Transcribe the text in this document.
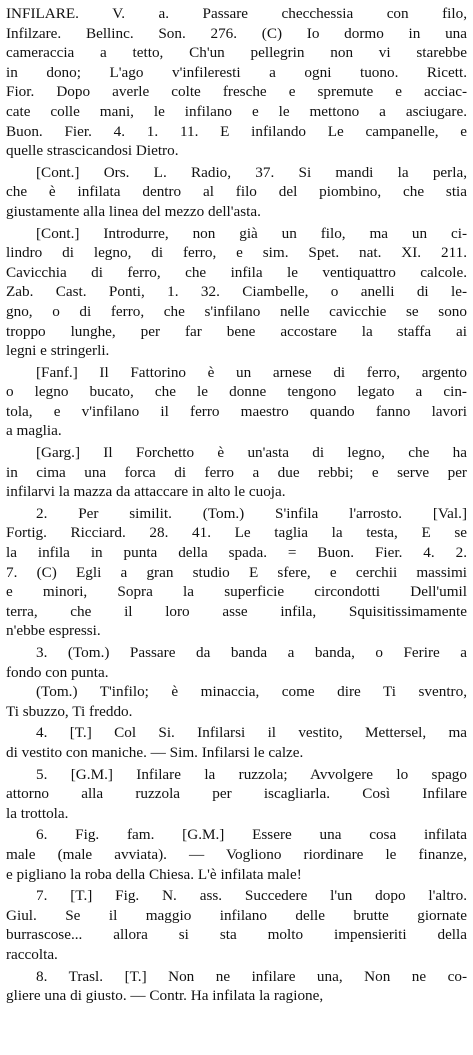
INFILARE. V. a. Passare checchessia con filo,
Infilzare. Bellinc. Son. 276. (C) Io dormo in una
cameraccia a tetto, Ch'un pellegrin non vi starebbe
in dono; L'ago v'infileresti a ogni tuono. Ricett.
Fior. Dopo averle colte fresche e spremute e acciac-
cate colle mani, le infilano e le mettono a asciugare.
Buon. Fier. 4. 1. 11. E infilando Le campanelle, e
quelle strascicandosi Dietro.
[Cont.] Ors. L. Radio, 37. Si mandi la perla,
che è infilata dentro al filo del piombino, che stia
giustamente alla linea del mezzo dell'asta.
[Cont.] Introdurre, non già un filo, ma un ci-
lindro di legno, di ferro, e sim. Spet. nat. XI. 211.
Cavicchia di ferro, che infila le ventiquattro calcole.
Zab. Cast. Ponti, 1. 32. Ciambelle, o anelli di le-
gno, o di ferro, che s'infilano nelle cavicchie se sono
troppo lunghe, per far bene accostare la staffa ai
legni e stringerli.
[Fanf.] Il Fattorino è un arnese di ferro, argento
o legno bucato, che le donne tengono legato a cin-
tola, e v'infilano il ferro maestro quando fanno lavori
a maglia.
[Garg.] Il Forchetto è un'asta di legno, che ha
in cima una forca di ferro a due rebbi; e serve per
infilarvi la mazza da attaccare in alto le cuoja.
2. Per similit. (Tom.) S'infila l'arrosto. [Val.]
Fortig. Ricciard. 28. 41. Le taglia la testa, E se
la infila in punta della spada. = Buon. Fier. 4. 2.
7. (C) Egli a gran studio E sfere, e cerchii massimi
e minori, Sopra la superficie circondotti Dell'umil
terra, che il loro asse infila, Squisitissimamente
n'ebbe espressi.
3. (Tom.) Passare da banda a banda, o Ferire a
fondo con punta.
(Tom.) T'infilo; è minaccia, come dire Ti sventro,
Ti sbuzzo, Ti freddo.
4. [T.] Col Si. Infilarsi il vestito, Mettersel, ma
di vestito con maniche. — Sim. Infilarsi le calze.
5. [G.M.] Infilare la ruzzola; Avvolgere lo spago
attorno alla ruzzola per iscagliarla. Così Infilare
la trottola.
6. Fig. fam. [G.M.] Essere una cosa infilata
male (male avviata). — Vogliono riordinare le finanze,
e pigliano la roba della Chiesa. L'è infilata male!
7. [T.] Fig. N. ass. Succedere l'un dopo l'altro.
Giul. Se il maggio infilano delle brutte giornate
burrascose... allora si sta molto impensieriti della
raccolta.
8. Trasl. [T.] Non ne infilare una, Non ne co-
gliere una di giusto. — Contr. Ha infilata la ragione,
